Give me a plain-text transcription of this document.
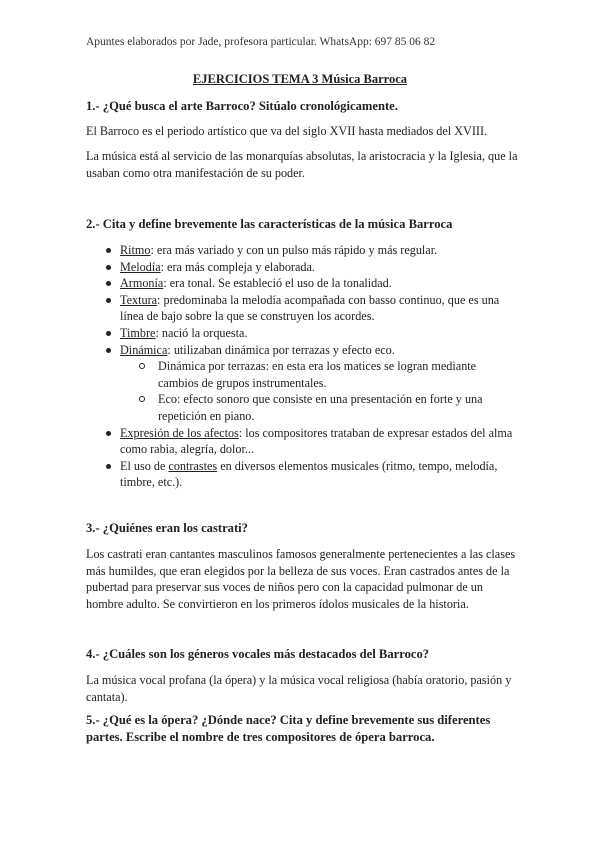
Apuntes elaborados por Jade, profesora particular. WhatsApp: 697 85 06 82
EJERCICIOS TEMA 3 Música Barroca
1.- ¿Qué busca el arte Barroco? Sitúalo cronológicamente.
El Barroco es el periodo artístico que va del siglo XVII hasta mediados del XVIII.
La música está al servicio de las monarquías absolutas, la aristocracia y la Iglesia, que la usaban como otra manifestación de su poder.
2.- Cita y define brevemente las características de la música Barroca
Ritmo: era más variado y con un pulso más rápido y más regular.
Melodía: era más compleja y elaborada.
Armonía: era tonal. Se estableció el uso de la tonalidad.
Textura: predominaba la melodía acompañada con basso continuo, que es una línea de bajo sobre la que se construyen los acordes.
Timbre: nació la orquesta.
Dinámica: utilizaban dinámica por terrazas y efecto eco.
Dinámica por terrazas: en esta era los matices se logran mediante cambios de grupos instrumentales.
Eco: efecto sonoro que consiste en una presentación en forte y una repetición en piano.
Expresión de los afectos: los compositores trataban de expresar estados del alma como rabia, alegría, dolor...
El uso de contrastes en diversos elementos musicales (ritmo, tempo, melodía, timbre, etc.).
3.- ¿Quiénes eran los castrati?
Los castrati eran cantantes masculinos famosos generalmente pertenecientes a las clases más humildes, que eran elegidos por la belleza de sus voces. Eran castrados antes de la pubertad para preservar sus voces de niños pero con la capacidad pulmonar de un hombre adulto. Se convirtieron en los primeros ídolos musicales de la historia.
4.- ¿Cuáles son los géneros vocales más destacados del Barroco?
La música vocal profana (la ópera) y la música vocal religiosa (había oratorio, pasión y cantata).
5.- ¿Qué es la ópera? ¿Dónde nace? Cita y define brevemente sus diferentes partes. Escribe el nombre de tres compositores de ópera barroca.
